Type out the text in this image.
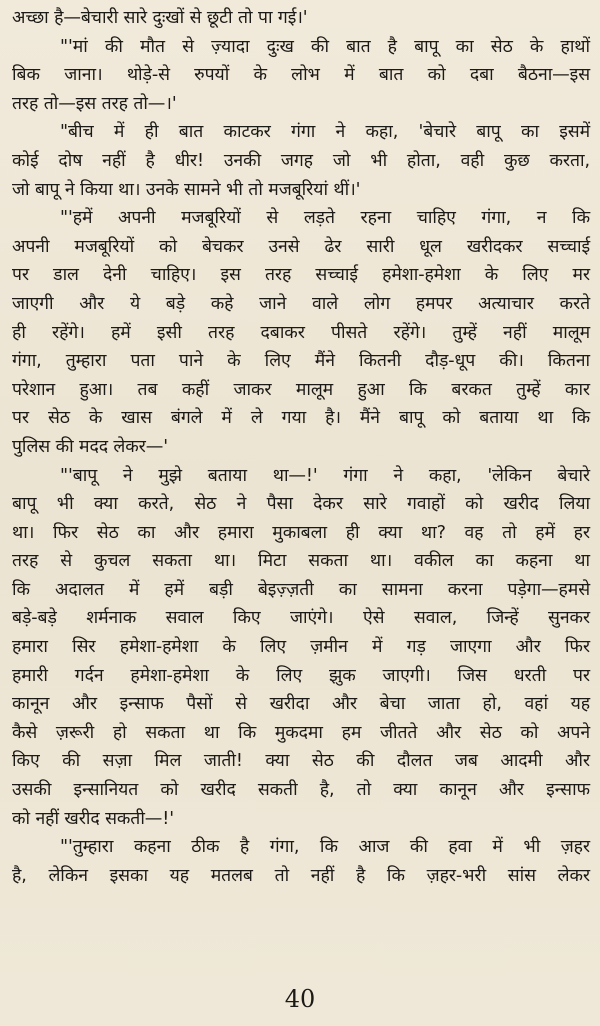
अच्छा है—बेचारी सारे दुःखों से छूटी तो पा गई।'
"'मां की मौत से ज़्यादा दुःख की बात है बापू का सेठ के हाथों
बिक जाना। थोड़े-से रुपयों के लोभ में बात को दबा बैठना—इस
तरह तो—इस तरह तो—।'
"बीच में ही बात काटकर गंगा ने कहा, 'बेचारे बापू का इसमें
कोई दोष नहीं है धीर! उनकी जगह जो भी होता, वही कुछ करता,
जो बापू ने किया था। उनके सामने भी तो मजबूरियां थीं।'
"'हमें अपनी मजबूरियों से लड़ते रहना चाहिए गंगा, न कि
अपनी मजबूरियों को बेचकर उनसे ढेर सारी धूल खरीदकर सच्चाई
पर डाल देनी चाहिए। इस तरह सच्चाई हमेशा-हमेशा के लिए मर
जाएगी और ये बड़े कहे जाने वाले लोग हमपर अत्याचार करते
ही रहेंगे। हमें इसी तरह दबाकर पीसते रहेंगे। तुम्हें नहीं मालूम
गंगा, तुम्हारा पता पाने के लिए मैंने कितनी दौड़-धूप की। कितना
परेशान हुआ। तब कहीं जाकर मालूम हुआ कि बरकत तुम्हें कार
पर सेठ के खास बंगले में ले गया है। मैंने बापू को बताया था कि
पुलिस की मदद लेकर—'
"'बापू ने मुझे बताया था—!' गंगा ने कहा, 'लेकिन बेचारे
बापू भी क्या करते, सेठ ने पैसा देकर सारे गवाहों को खरीद लिया
था। फिर सेठ का और हमारा मुकाबला ही क्या था? वह तो हमें हर
तरह से कुचल सकता था। मिटा सकता था। वकील का कहना था
कि अदालत में हमें बड़ी बेइज़्ज़ती का सामना करना पड़ेगा—हमसे
बड़े-बड़े शर्मनाक सवाल किए जाएंगे। ऐसे सवाल, जिन्हें सुनकर
हमारा सिर हमेशा-हमेशा के लिए ज़मीन में गड़ जाएगा और फिर
हमारी गर्दन हमेशा-हमेशा के लिए झुक जाएगी। जिस धरती पर
कानून और इन्साफ पैसों से खरीदा और बेचा जाता हो, वहां यह
कैसे ज़रूरी हो सकता था कि मुकदमा हम जीतते और सेठ को अपने
किए की सज़ा मिल जाती! क्या सेठ की दौलत जब आदमी और
उसकी इन्सानियत को खरीद सकती है, तो क्या कानून और इन्साफ
को नहीं खरीद सकती—!'
"'तुम्हारा कहना ठीक है गंगा, कि आज की हवा में भी ज़हर
है, लेकिन इसका यह मतलब तो नहीं है कि ज़हर-भरी सांस लेकर
40
